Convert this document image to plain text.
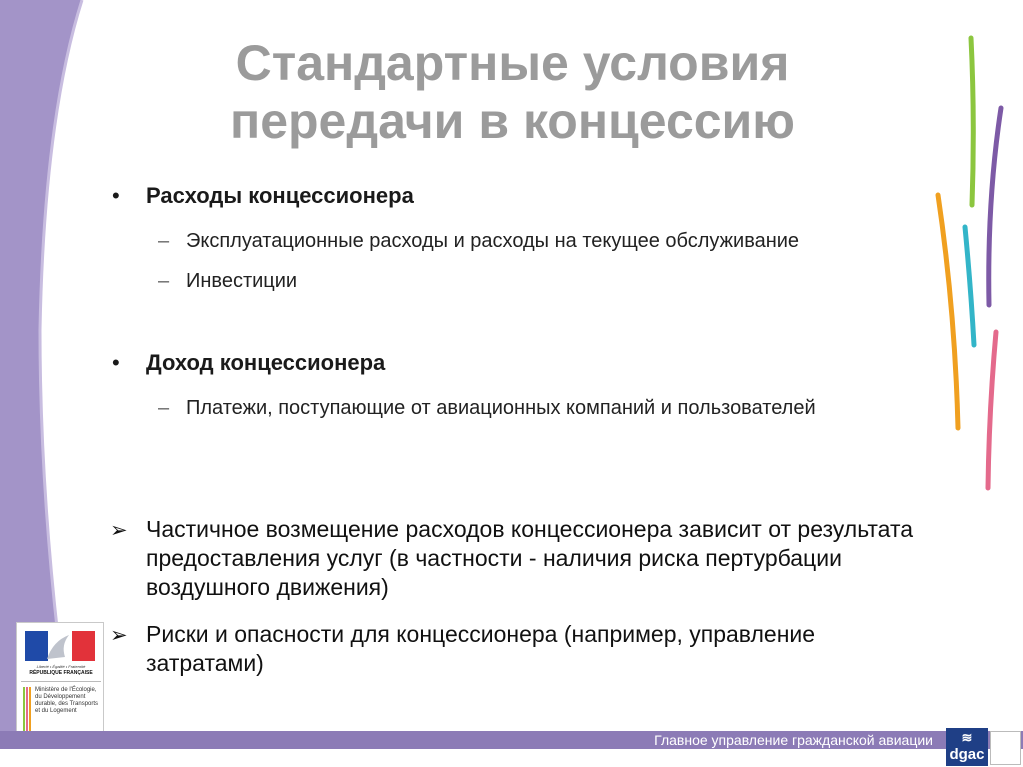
Стандартные условия
передачи в концессию
• Расходы концессионера
– Эксплуатационные расходы и расходы на текущее обслуживание
– Инвестиции
• Доход концессионера
– Платежи, поступающие от авиационных компаний и пользователей
➢ Частичное возмещение расходов концессионера зависит от результата предоставления услуг (в частности - наличия риска пертурбации воздушного движения)
➢ Риски и опасности для концессионера (например, управление затратами)
Liberté • Égalité • Fraternité
RÉPUBLIQUE FRANÇAISE
Ministère de l'Écologie, du Développement durable, des Transports et du Logement
Главное управление гражданской авиации	≋
dgac
